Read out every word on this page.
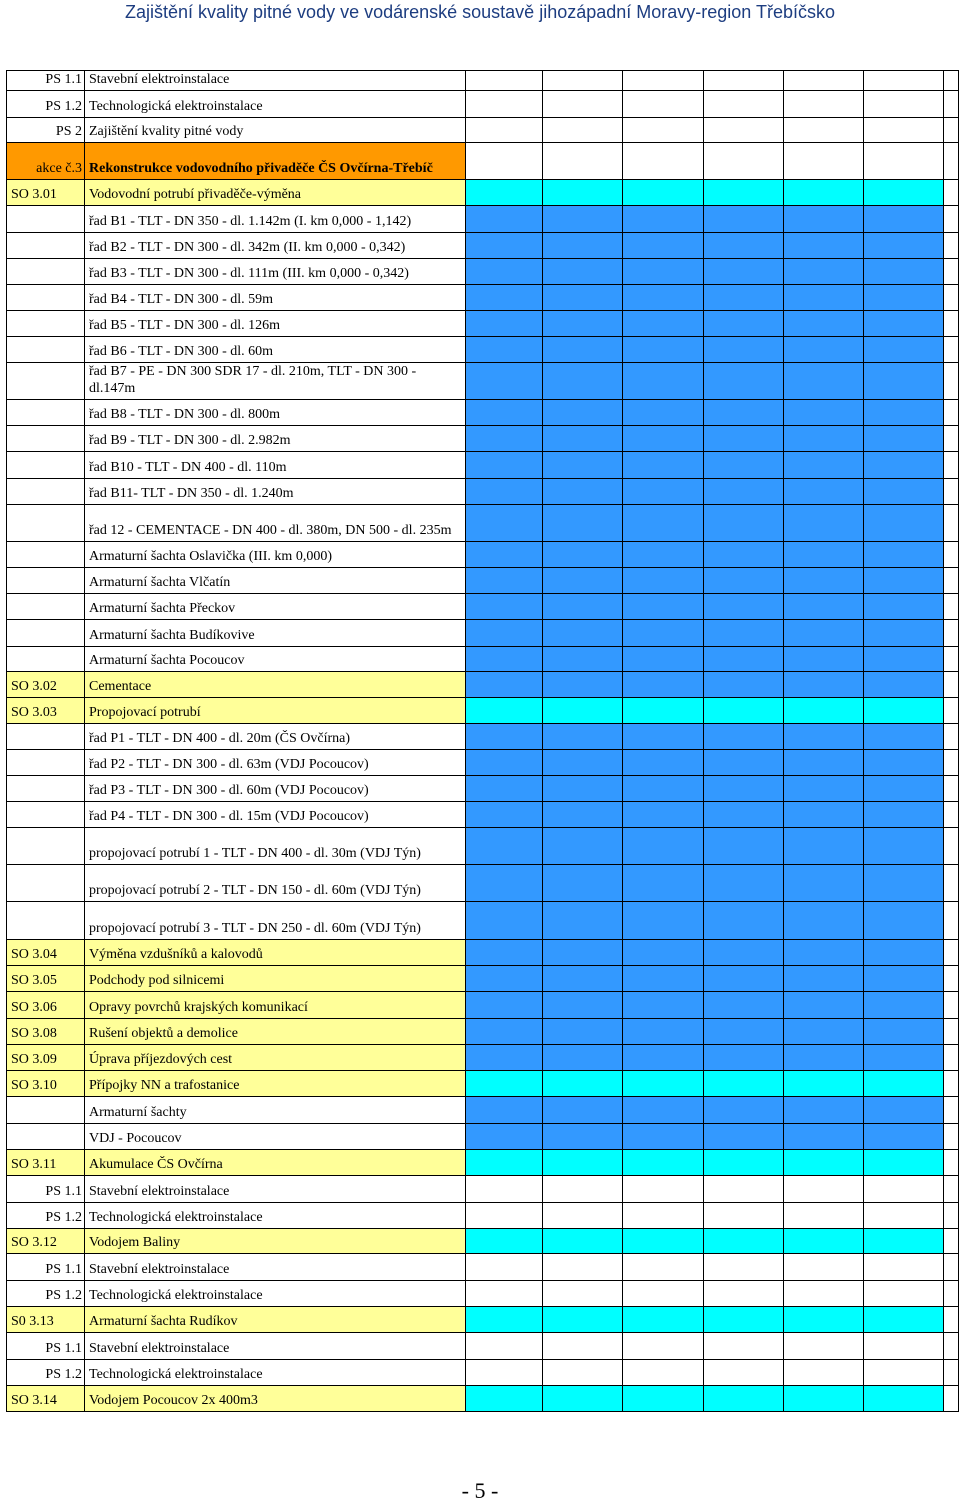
Zajištění kvality pitné vody ve vodárenské soustavě jihozápadní Moravy-region Třebíčsko
PS 1.1	Stavební elektroinstalace							
PS 1.2	Technologická elektroinstalace							
PS 2	Zajištění kvality pitné vody							
akce č.3	Rekonstrukce vodovodního přivaděče ČS Ovčírna-Třebíč							
SO 3.01	Vodovodní potrubí přivaděče-výměna							
	řad B1 - TLT - DN 350 - dl. 1.142m (I. km 0,000 - 1,142)							
	řad B2 - TLT - DN 300 - dl. 342m (II. km 0,000 - 0,342)							
	řad B3 - TLT - DN 300 - dl. 111m (III. km 0,000 - 0,342)							
	řad B4 - TLT - DN 300 - dl. 59m							
	řad B5 - TLT - DN 300 - dl. 126m							
	řad B6 - TLT - DN 300 - dl. 60m							
	řad B7 - PE - DN 300 SDR 17 - dl. 210m, TLT - DN 300 - dl.147m							
	řad B8 - TLT - DN 300 - dl. 800m							
	řad B9 - TLT - DN 300 - dl. 2.982m							
	řad B10 - TLT - DN 400 - dl. 110m							
	řad B11- TLT - DN 350 - dl. 1.240m							
	řad 12 - CEMENTACE - DN 400 - dl. 380m, DN 500 - dl. 235m							
	Armaturní šachta Oslavička (III. km 0,000)							
	Armaturní šachta Vlčatín							
	Armaturní šachta Přeckov							
	Armaturní šachta Budíkovive							
	Armaturní šachta Pocoucov							
SO 3.02	Cementace							
SO 3.03	Propojovací potrubí							
	řad P1 - TLT - DN 400 - dl. 20m (ČS Ovčírna)							
	řad P2 - TLT - DN 300 - dl. 63m (VDJ Pocoucov)							
	řad P3 - TLT - DN 300 - dl. 60m (VDJ Pocoucov)							
	řad P4 - TLT - DN 300 - dl. 15m (VDJ Pocoucov)							
	propojovací potrubí 1 - TLT - DN 400 - dl. 30m (VDJ Týn)							
	propojovací potrubí 2 - TLT - DN 150 - dl. 60m (VDJ Týn)							
	propojovací potrubí 3 - TLT - DN 250 - dl. 60m (VDJ Týn)							
SO 3.04	Výměna vzdušníků a kalovodů							
SO 3.05	Podchody pod silnicemi							
SO 3.06	Opravy povrchů krajských komunikací							
SO 3.08	Rušení objektů a demolice							
SO 3.09	Úprava příjezdových cest							
SO 3.10	Přípojky NN a trafostanice							
	Armaturní šachty							
	VDJ - Pocoucov							
SO 3.11	Akumulace ČS Ovčírna							
PS 1.1	Stavební elektroinstalace							
PS 1.2	Technologická elektroinstalace							
SO 3.12	Vodojem Baliny							
PS 1.1	Stavební elektroinstalace							
PS 1.2	Technologická elektroinstalace							
S0 3.13	Armaturní šachta Rudíkov							
PS 1.1	Stavební elektroinstalace							
PS 1.2	Technologická elektroinstalace							
SO 3.14	Vodojem Pocoucov 2x 400m3							
- 5 -
